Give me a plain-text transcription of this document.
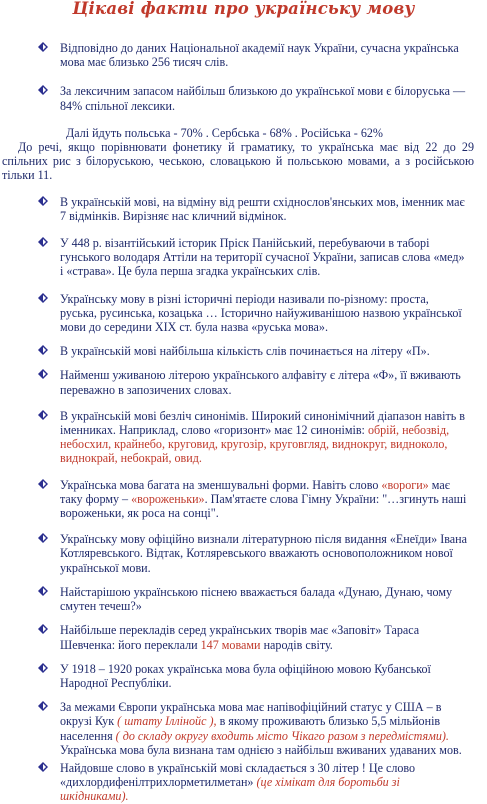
Цікаві факти про українську мову

Відповідно до даних Національної академії наук України, сучасна українська мова має близько 256 тисяч слів.

За лексичним запасом найбільш близькою до української мови є білоруська — 84% спільної лексики.

Далі йдуть польська - 70% . Сербська - 68% . Російська - 62%

До речі, якщо порівнювати фонетику й граматику, то українська має від 22 до 29 спільних рис з білоруською, чеською, словацькою й польською мовами, а з російською тільки 11.

В українській мові, на відміну від решти східнослов'янських мов, іменник має 7 відмінків. Вирізняє нас кличний відмінок.

У 448 р. візантійський історик Пріск Панійський, перебуваючи в таборі гунського володаря Аттіли на території сучасної України, записав слова «мед» і «страва». Це була перша згадка українських слів.

Українську мову в різні історичні періоди називали по-різному: проста, руська, русинська, козацька … Історично найуживанішою назвою української мови до середини XIX ст. була назва «руська мова».

В українській мові найбільша кількість слів починається на літеру «П».

Найменш уживаною літерою українського алфавіту є літера «Ф», її вживають переважно в запозичених словах.

В українській мові безліч синонімів. Широкий синонімічний діапазон навіть в іменниках. Наприклад, слово «горизонт» має 12 синонімів: обрій, небозвід, небосхил, крайнебо, круговид, кругозір, круговгляд, виднокруг, видноколо, виднокрай, небокрай, овид.

Українська мова багата на зменшувальні форми. Навіть слово «вороги» має таку форму – «вороженьки». Пам'ятаєте слова Гімну України: "…згинуть наші вороженьки, як роса на сонці".

Українську мову офіційно визнали літературною після видання «Енеїди» Івана Котляревського. Відтак, Котляревського вважають основоположником нової української мови.

Найстарішою українською піснею вважається балада «Дунаю, Дунаю, чому смутен течеш?»

Найбільше перекладів серед українських творів має «Заповіт» Тараса Шевченка: його переклали 147 мовами народів світу.

У 1918 – 1920 роках українська мова була офіційною мовою Кубанської Народної Республіки.

За межами Європи українська мова має напівофіційний статус у США – в окрузі Кук ( штату Іллінойс ), в якому проживають близько 5,5 мільйонів населення ( до складу округу входить місто Чікаго разом з передмістями). Українська мова була визнана там однією з найбільш вживаних удаваних мов.

Найдовше слово в українській мові складається з 30 літер ! Це слово «дихлордифенілтрихлорметилметан» (це хімікат для боротьби зі шкідниками).
